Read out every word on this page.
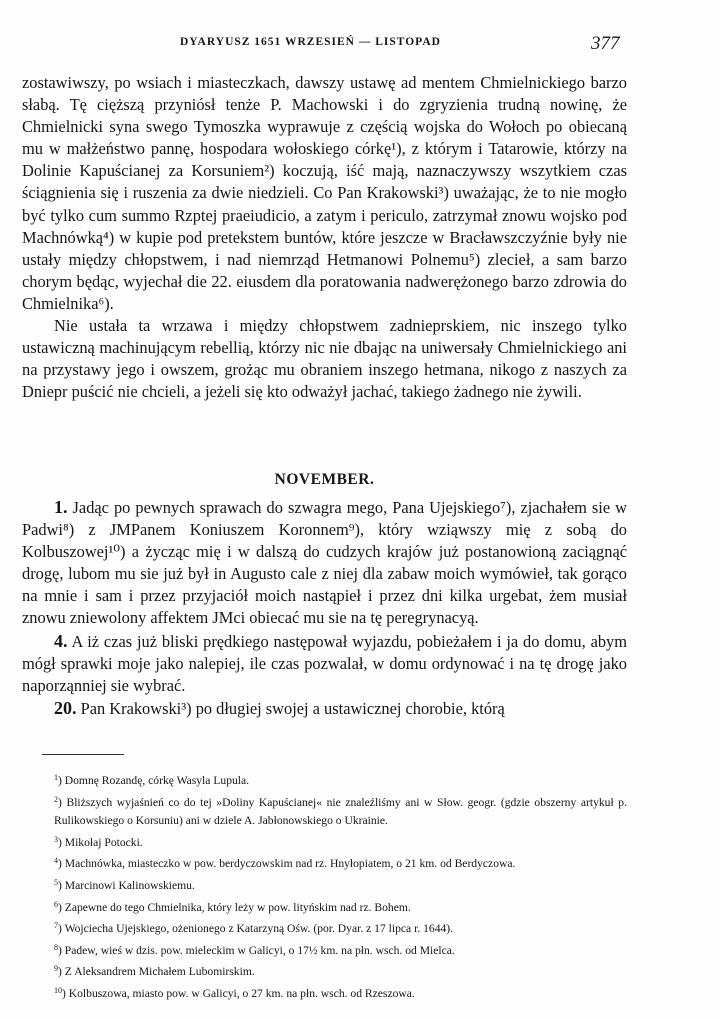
DYARYUSZ 1651 WRZESIEŃ — LISTOPAD	377

zostawiwszy, po wsiach i miasteczkach, dawszy ustawę ad mentem Chmielnickiego barzo słabą. Tę cięższą przyniósł tenże P. Machowski i do zgryzienia trudną nowinę, że Chmielnicki syna swego Tymoszka wyprawuje z częścią wojska do Wołoch po obiecaną mu w małżeństwo pannę, hospodara wołoskiego córkę¹), z którym i Tatarowie, którzy na Dolinie Kapuścianej za Korsuniem²) koczują, iść mają, naznaczywszy wszytkiem czas ściągnienia się i ruszenia za dwie niedzieli. Co Pan Krakowski³) uważając, że to nie mogło być tylko cum summo Rzptej praeiudicio, a zatym i periculo, zatrzymał znowu wojsko pod Machnówką⁴) w kupie pod pretekstem buntów, które jeszcze w Bracławszczyźnie były nie ustały między chłopstwem, i nad niemrząd Hetmanowi Polnemu⁵) zlecieł, a sam barzo chorym będąc, wyjechał die 22. eiusdem dla poratowania nadwerężonego barzo zdrowia do Chmielnika⁶).

Nie ustała ta wrzawa i między chłopstwem zadnieprskiem, nic inszego tylko ustawiczną machinującym rebellią, którzy nic nie dbając na uniwersały Chmielnickiego ani na przystawy jego i owszem, grożąc mu obraniem inszego hetmana, nikogo z naszych za Dniepr puścić nie chcieli, a jeżeli się kto odważył jachać, takiego żadnego nie żywili.

NOVEMBER.

1. Jadąc po pewnych sprawach do szwagra mego, Pana Ujejskiego⁷), zjachałem sie w Padwi⁸) z JMPanem Koniuszem Koronnem⁹), który wziąwszy mię z sobą do Kolbuszowej¹⁰) a życząc mię i w dalszą do cudzych krajów już postanowioną zaciągnąć drogę, lubom mu sie już był in Augusto cale z niej dla zabaw moich wymówieł, tak gorąco na mnie i sam i przez przyjaciół moich nastąpieł i przez dni kilka urgebat, żem musiał znowu zniewolony affektem JMci obiecać mu sie na tę peregrynacyą.

4. A iż czas już bliski prędkiego następował wyjazdu, pobieżałem i ja do domu, abym mógł sprawki moje jako nalepiej, ile czas pozwalał, w domu ordynować i na tę drogę jako naporząnniej sie wybrać.

20. Pan Krakowski³) po długiej swojej a ustawicznej chorobie, którą

$^1$) Domnę Rozandę, córkę Wasyla Lupula.

$^2$) Bliższych wyjaśnień co do tej »Doliny Kapuścianej« nie znaleźliśmy ani w Słow. geogr. (gdzie obszerny artykuł p. Rulikowskiego o Korsuniu) ani w dziele A. Jabłonowskiego o Ukrainie.

$^3$) Mikołaj Potocki.

$^4$) Machnówka, miasteczko w pow. berdyczowskim nad rz. Hnyłopiatem, o 21 km. od Berdyczowa.

$^5$) Marcinowi Kalinowskiemu.

$^6$) Zapewne do tego Chmielnika, który leży w pow. lityńskim nad rz. Bohem.

$^7$) Wojciecha Ujejskiego, ożenionego z Katarzyną Ośw. (por. Dyar. z 17 lipca r. 1644).

$^8$) Padew, wieś w dzis. pow. mieleckim w Galicyi, o 17½ km. na płn. wsch. od Mielca.

$^9$) Z Aleksandrem Michałem Lubomirskim.

$^{10}$) Kolbuszowa, miasto pow. w Galicyi, o 27 km. na płn. wsch. od Rzeszowa.
